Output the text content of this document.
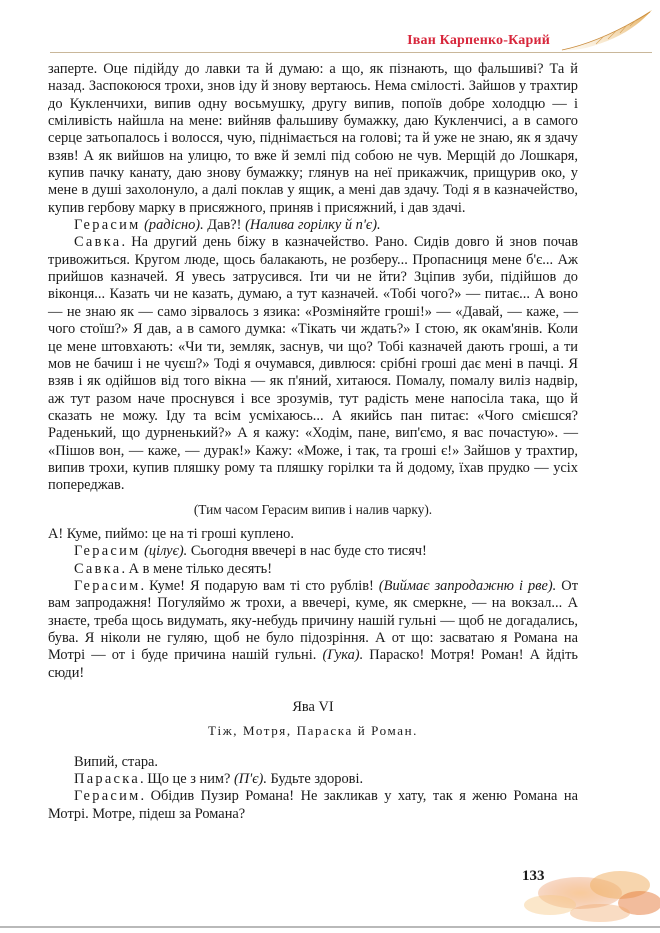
Іван Карпенко-Карий

заперте. Оце підійду до лавки та й думаю: а що, як пізнають, що фальшиві? Та й назад. Заспокоюся трохи, знов іду й знову вертаюсь. Нема смілості. Зайшов у трахтир до Кукленчихи, випив одну восьмушку, другу випив, попоїв добре холодцю — і сміливість найшла на мене: вийняв фальшиву бумажку, даю Кукленчисі, а в самого серце затьопалось і волосся, чую, піднімається на голові; та й уже не знаю, як я здачу взяв! А як вийшов на улицю, то вже й землі під собою не чув. Мерщій до Лошкаря, купив пачку канату, даю знову бумажку; глянув на неї прикажчик, прищурив око, у мене в душі захолонуло, а далі поклав у ящик, а мені дав здачу. Тоді я в казначейство, купив гербову марку в присяжного, приняв і присяжний, і дав здачі.

Герасим (радісно). Дав?! (Налива горілку й п'є).

Савка. На другий день біжу в казначейство. Рано. Сидів довго й знов почав тривожиться. Кругом люде, щось балакають, не розберу... Пропасниця мене б'є... Аж прийшов казначей. Я увесь затрусився. Іти чи не йти? Зціпив зуби, підійшов до віконця... Казать чи не казать, думаю, а тут казначей. «Тобі чого?» — питає... А воно — не знаю як — само зірвалось з язика: «Розміняйте гроші!» — «Давай, — каже, — чого стоїш?» Я дав, а в самого думка: «Тікать чи ждать?» І стою, як окам'янів. Коли це мене штовхають: «Чи ти, земляк, заснув, чи що? Тобі казначей дають гроші, а ти мов не бачиш і не чуєш?» Тоді я очумався, дивлюся: срібні гроші дає мені в пачці. Я взяв і як одійшов від того вікна — як п'яний, хитаюся. Помалу, помалу виліз надвір, аж тут разом наче проснувся і все зрозумів, тут радість мене напосіла така, що й сказать не можу. Іду та всім усміхаюсь... А якийсь пан питає: «Чого смієшся? Раденький, що дурненький?» А я кажу: «Ходім, пане, вип'ємо, я вас почастую». — «Пішов вон, — каже, — дурак!» Кажу: «Може, і так, та гроші є!» Зайшов у трахтир, випив трохи, купив пляшку рому та пляшку горілки та й додому, їхав прудко — усіх попереджав.

(Тим часом Герасим випив і налив чарку).

А! Куме, пиймо: це на ті гроші куплено.

Герасим (цілує). Сьогодня ввечері в нас буде сто тисяч!

Савка. А в мене тілько десять!

Герасим. Куме! Я подарую вам ті сто рублів! (Виймає запродажню і рве). От вам запродажня! Погуляймо ж трохи, а ввечері, куме, як смеркне, — на вокзал... А знаєте, треба щось видумать, яку-небудь причину нашій гульні — щоб не догадались, бува. Я ніколи не гуляю, щоб не було підозріння. А от що: засватаю я Романа на Мотрі — от і буде причина нашій гульні. (Гука). Параско! Мотря! Роман! А йдіть сюди!

Ява VI

Тіж, Мотря, Параска й Роман.

Випий, стара.

Параска. Що це з ним? (П'є). Будьте здорові.

Герасим. Обідив Пузир Романа! Не закликав у хату, так я женю Романа на Мотрі. Мотре, підеш за Романа?

133
